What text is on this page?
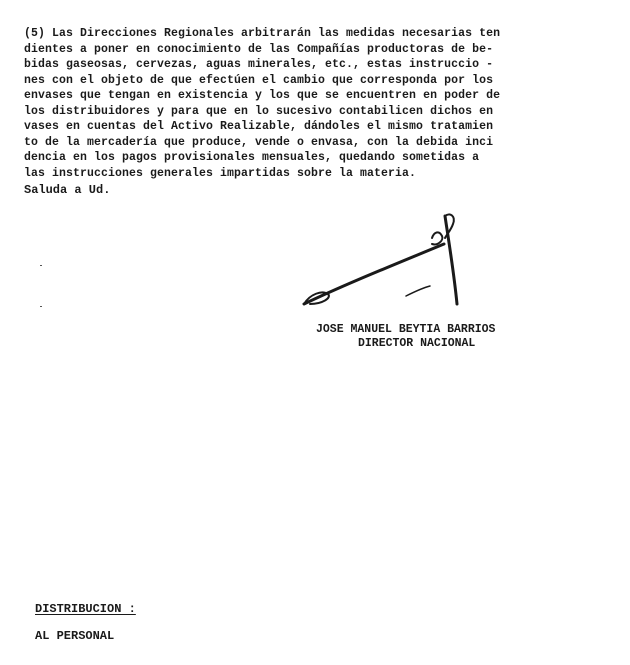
(5) Las Direcciones Regionales arbitrarán las medidas necesarias ten
dientes a poner en conocimiento de las Compañías productoras de be-
bidas gaseosas, cervezas, aguas minerales, etc., estas instruccio -
nes con el objeto de que efectúen el cambio que corresponda por los
envases que tengan en existencia y los que se encuentren en poder de
los distribuidores y para que en lo sucesivo contabilicen dichos en
vases en cuentas del Activo Realizable, dándoles el mismo tratamien
to de la mercadería que produce, vende o envasa, con la debida inci
dencia en los pagos provisionales mensuales, quedando sometidas a
las instrucciones generales impartidas sobre la materia.
Saluda a Ud.
JOSE MANUEL BEYTIA BARRIOS
DIRECTOR NACIONAL
DISTRIBUCION :
AL PERSONAL
